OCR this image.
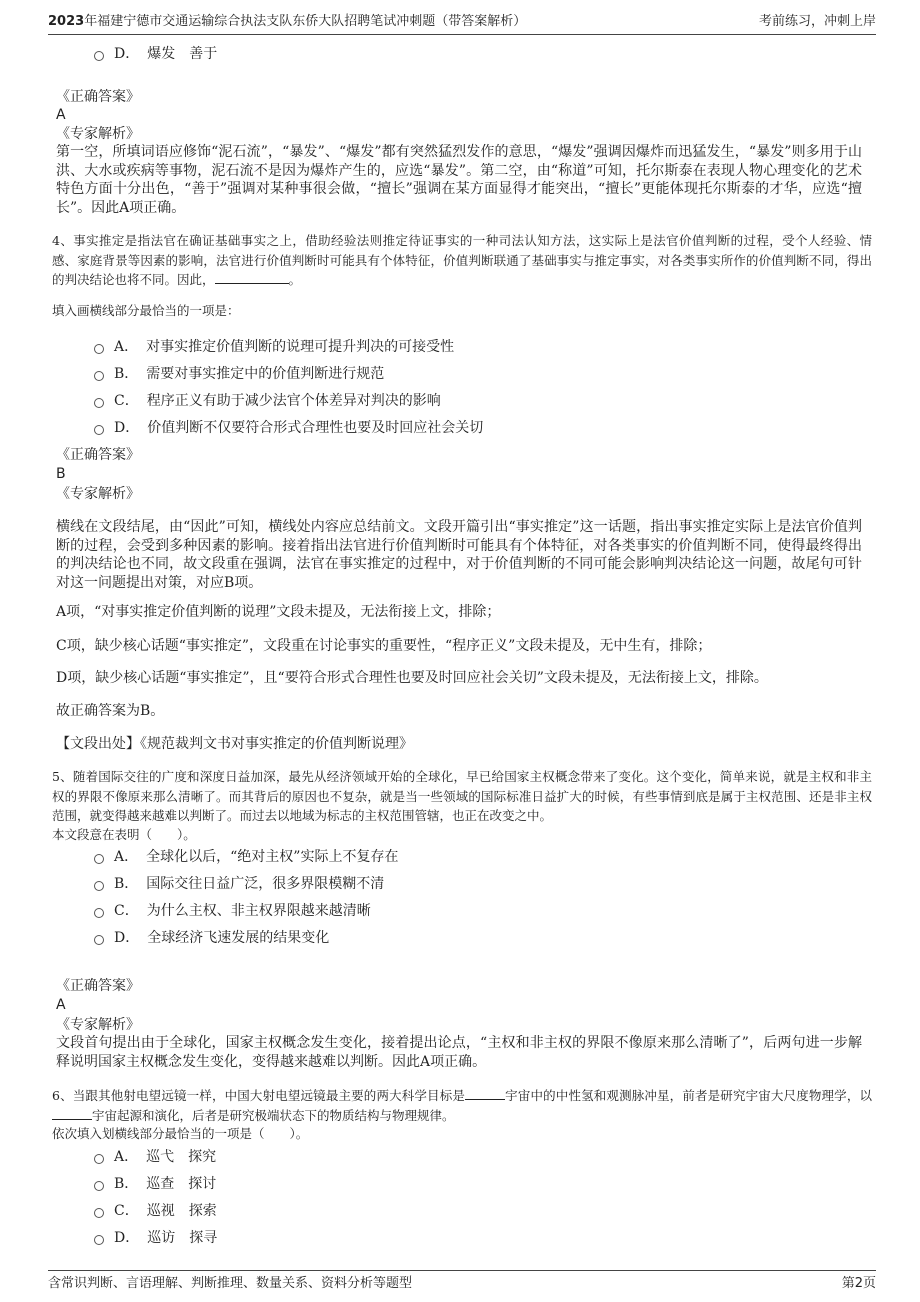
2023年福建宁德市交通运输综合执法支队东侨大队招聘笔试冲刺题（带答案解析）	考前练习，冲刺上岸
D． 爆发　善于
《正确答案》
A
《专家解析》
第一空，所填词语应修饰“泥石流”，“暴发”、“爆发”都有突然猛烈发作的意思，“爆发”强调因爆炸而迅猛发生，“暴发”则多用于山洪、大水或疾病等事物，泥石流不是因为爆炸产生的，应选“暴发”。第二空，由“称道”可知，托尔斯泰在表现人物心理变化的艺术特色方面十分出色，“善于”强调对某种事很会做，“擅长”强调在某方面显得才能突出，“擅长”更能体现托尔斯泰的才华，应选“擅长”。因此A项正确。
4、事实推定是指法官在确证基础事实之上，借助经验法则推定待证事实的一种司法认知方法，这实际上是法官价值判断的过程，受个人经验、情感、家庭背景等因素的影响，法官进行价值判断时可能具有个体特征，价值判断联通了基础事实与推定事实，对各类事实所作的价值判断不同，得出的判决结论也将不同。因此，	。
填入画横线部分最恰当的一项是：
A． 对事实推定价值判断的说理可提升判决的可接受性
B． 需要对事实推定中的价值判断进行规范
C． 程序正义有助于减少法官个体差异对判决的影响
D． 价值判断不仅要符合形式合理性也要及时回应社会关切
《正确答案》
B
《专家解析》
横线在文段结尾，由“因此”可知，横线处内容应总结前文。文段开篇引出“事实推定”这一话题，指出事实推定实际上是法官价值判断的过程，会受到多种因素的影响。接着指出法官进行价值判断时可能具有个体特征，对各类事实的价值判断不同，使得最终得出的判决结论也不同，故文段重在强调，法官在事实推定的过程中，对于价值判断的不同可能会影响判决结论这一问题，故尾句可针对这一问题提出对策，对应B项。
A项，“对事实推定价值判断的说理”文段未提及，无法衔接上文，排除；
C项，缺少核心话题“事实推定”，文段重在讨论事实的重要性，“程序正义”文段未提及，无中生有，排除；
D项，缺少核心话题“事实推定”，且“要符合形式合理性也要及时回应社会关切”文段未提及，无法衔接上文，排除。
故正确答案为B。
【文段出处】《规范裁判文书对事实推定的价值判断说理》
5、随着国际交往的广度和深度日益加深，最先从经济领域开始的全球化，早已给国家主权概念带来了变化。这个变化，简单来说，就是主权和非主权的界限不像原来那么清晰了。而其背后的原因也不复杂，就是当一些领域的国际标准日益扩大的时候，有些事情到底是属于主权范围、还是非主权范围，就变得越来越难以判断了。而过去以地域为标志的主权范围管辖，也正在改变之中。
本文段意在表明（　　）。
A． 全球化以后，“绝对主权”实际上不复存在
B． 国际交往日益广泛，很多界限模糊不清
C． 为什么主权、非主权界限越来越清晰
D． 全球经济飞速发展的结果变化
《正确答案》
A
《专家解析》
文段首句提出由于全球化，国家主权概念发生变化，接着提出论点，“主权和非主权的界限不像原来那么清晰了”，后两句进一步解释说明国家主权概念发生变化，变得越来越难以判断。因此A项正确。
6、当跟其他射电望远镜一样，中国大射电望远镜最主要的两大科学目标是	宇宙中的中性氢和观测脉冲星，前者是研究宇宙大尺度物理学，以宇宙起源和演化，后者是研究极端状态下的物质结构与物理规律。
依次填入划横线部分最恰当的一项是（　　）。
A． 巡弋　探究
B． 巡查　探讨
C． 巡视　探索
D． 巡访　探寻
含常识判断、言语理解、判断推理、数量关系、资料分析等题型	第2页
